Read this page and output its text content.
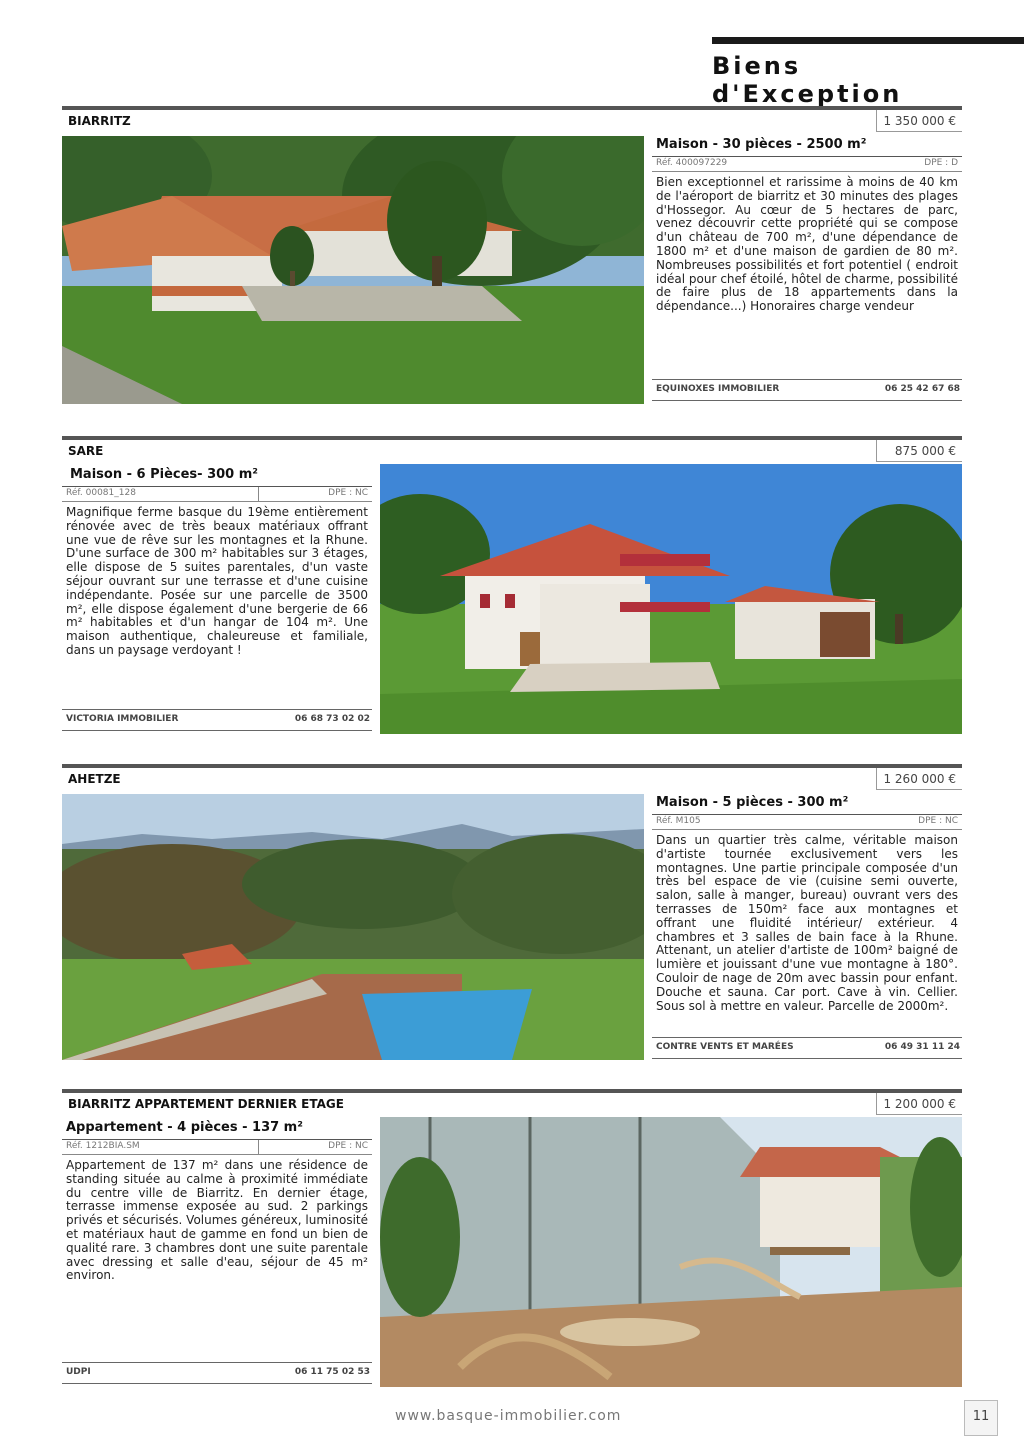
Biens d'Exception
BIARRITZ	1 350 000 €
Maison - 30 pièces - 2500 m²
Réf. 400097229	DPE : D
Bien exceptionnel et rarissime à moins de 40 km de l'aéroport de biarritz et 30 minutes des plages d'Hossegor. Au cœur de 5 hectares de parc, venez découvrir cette propriété qui se compose d'un château de 700 m², d'une dépendance de 1800 m² et d'une maison de gardien de 80 m². Nombreuses possibilités et fort potentiel ( endroit idéal pour chef étoilé, hôtel de charme, possibilité de faire plus de 18 appartements dans la dépendance...) Honoraires charge vendeur
EQUINOXES IMMOBILIER	06 25 42 67 68
SARE	875 000 €
Maison - 6 Pièces- 300 m²
Réf. 00081_128	DPE : NC
Magnifique ferme basque du 19ème entièrement rénovée avec de très beaux matériaux offrant une vue de rêve sur les montagnes et la Rhune. D'une surface de 300 m² habitables sur 3 étages, elle dispose de 5 suites parentales, d'un vaste séjour ouvrant sur une terrasse et d'une cuisine indépendante. Posée sur une parcelle de 3500 m², elle dispose également d'une bergerie de 66 m² habitables et d'un hangar de 104 m². Une maison authentique, chaleureuse et familiale, dans un paysage verdoyant !
VICTORIA IMMOBILIER	06 68 73 02 02
AHETZE	1 260 000 €
Maison - 5 pièces - 300 m²
Réf. M105	DPE : NC
Dans un quartier très calme, véritable maison d'artiste tournée exclusivement vers les montagnes. Une partie principale composée d'un très bel espace de vie (cuisine semi ouverte, salon, salle à manger, bureau) ouvrant vers des terrasses de 150m² face aux montagnes et offrant une fluidité intérieur/ extérieur. 4 chambres et 3 salles de bain face à la Rhune. Attenant, un atelier d'artiste de 100m² baigné de lumière et jouissant d'une vue montagne à 180°. Couloir de nage de 20m avec bassin pour enfant. Douche et sauna. Car port. Cave à vin. Cellier. Sous sol à mettre en valeur. Parcelle de 2000m².
CONTRE VENTS ET MARÉES	06 49 31 11 24
BIARRITZ APPARTEMENT DERNIER ETAGE	1 200 000 €
Appartement - 4 pièces - 137 m²
Réf. 1212BIA.SM	DPE : NC
Appartement de 137 m² dans une résidence de standing située au calme à proximité immédiate du centre ville de Biarritz. En dernier étage, terrasse immense exposée au sud. 2 parkings privés et sécurisés. Volumes généreux, luminosité et matériaux haut de gamme en fond un bien de qualité rare. 3 chambres dont une suite parentale avec dressing et salle d'eau, séjour de 45 m² environ.
UDPI	06 11 75 02 53
www.basque-immobilier.com	11
